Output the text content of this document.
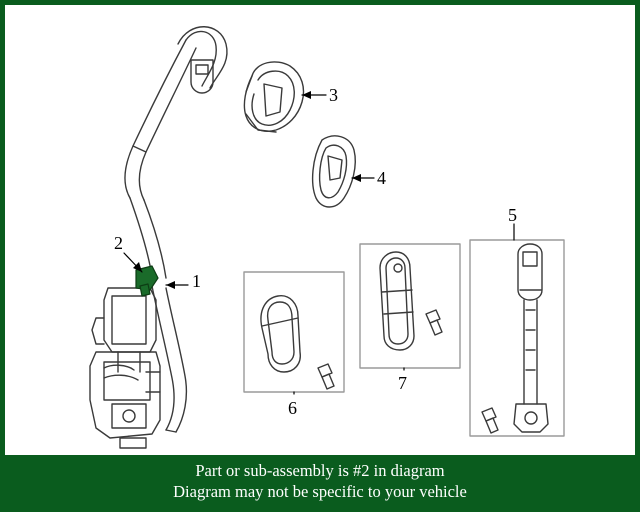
1
2
3
4
5
6
7
Part or sub-assembly is #2 in diagram
Diagram may not be specific to your vehicle
